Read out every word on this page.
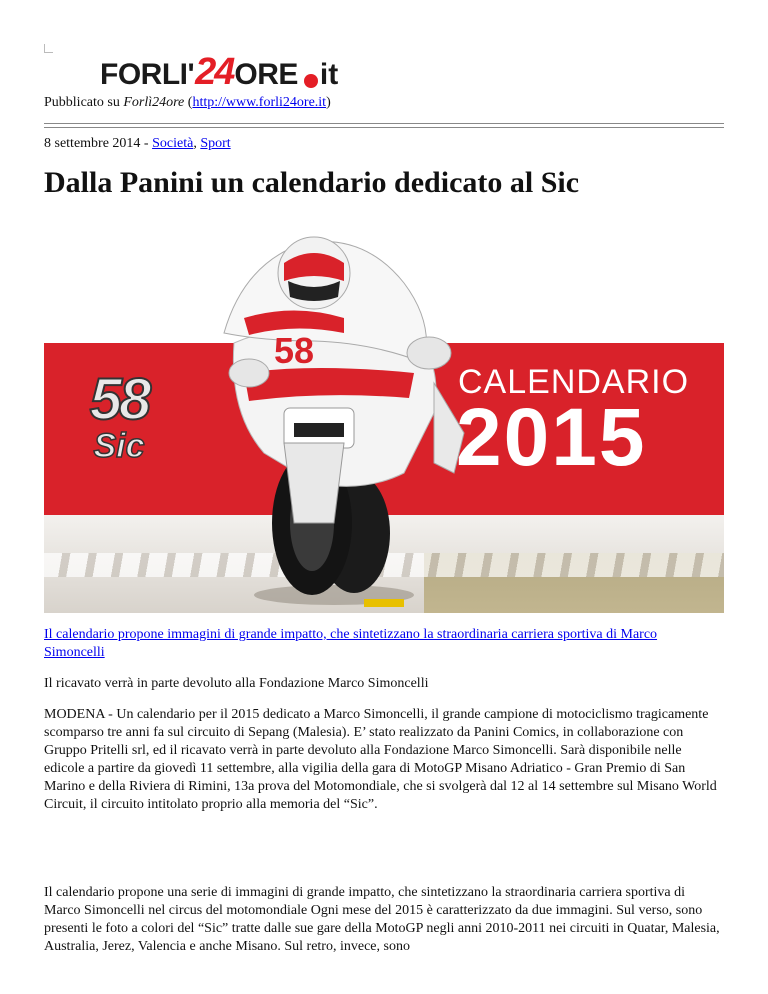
FORLI' 24 ORE it
Pubblicato su Forlì24ore (http://www.forli24ore.it)
8 settembre 2014 - Società, Sport
Dalla Panini un calendario dedicato al Sic
58
Sic
58
CALENDARIO
2015
Il calendario propone immagini di grande impatto, che sintetizzano la straordinaria carriera sportiva di Marco Simoncelli
Il ricavato verrà in parte devoluto alla Fondazione Marco Simoncelli

MODENA - Un calendario per il 2015 dedicato a Marco Simoncelli, il grande campione di motociclismo tragicamente scomparso tre anni fa sul circuito di Sepang (Malesia). E’ stato realizzato da Panini Comics, in collaborazione con Gruppo Pritelli srl, ed il ricavato verrà in parte devoluto alla Fondazione Marco Simoncelli. Sarà disponibile nelle edicole a partire da giovedì 11 settembre, alla vigilia della gara di MotoGP Misano Adriatico - Gran Premio di San Marino e della Riviera di Rimini, 13a prova del Motomondiale, che si svolgerà dal 12 al 14 settembre sul Misano World Circuit, il circuito intitolato proprio alla memoria del “Sic”.

Il calendario propone una serie di immagini di grande impatto, che sintetizzano la straordinaria carriera sportiva di Marco Simoncelli nel circus del motomondiale Ogni mese del 2015 è caratterizzato da due immagini. Sul verso, sono presenti le foto a colori del “Sic” tratte dalle sue gare della MotoGP negli anni 2010-2011 nei circuiti in Quatar, Malesia, Australia, Jerez, Valencia e anche Misano. Sul retro, invece, sono
